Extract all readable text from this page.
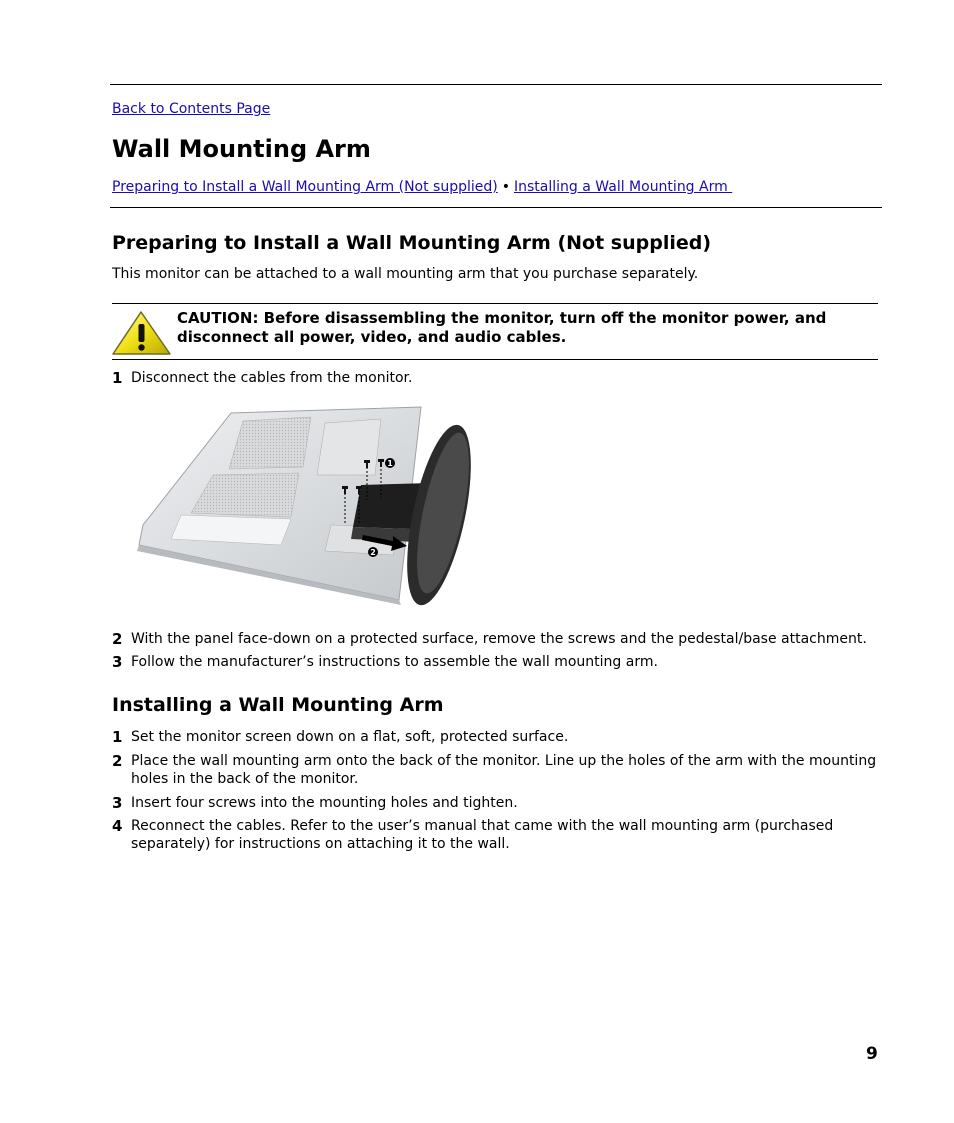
Back to Contents Page
Wall Mounting Arm
Preparing to Install a Wall Mounting Arm (Not supplied) • Installing a Wall Mounting Arm
Preparing to Install a Wall Mounting Arm (Not supplied)
This monitor can be attached to a wall mounting arm that you purchase separately.
CAUTION: Before disassembling the monitor, turn off the monitor power, and disconnect all power, video, and audio cables.
1 Disconnect the cables from the monitor.
1
2
2 With the panel face-down on a protected surface, remove the screws and the pedestal/base attachment.
3 Follow the manufacturer’s instructions to assemble the wall mounting arm.
Installing a Wall Mounting Arm
1 Set the monitor screen down on a flat, soft, protected surface.
2 Place the wall mounting arm onto the back of the monitor. Line up the holes of the arm with the mounting holes in the back of the monitor.
3 Insert four screws into the mounting holes and tighten.
4 Reconnect the cables. Refer to the user’s manual that came with the wall mounting arm (purchased separately) for instructions on attaching it to the wall.
9
